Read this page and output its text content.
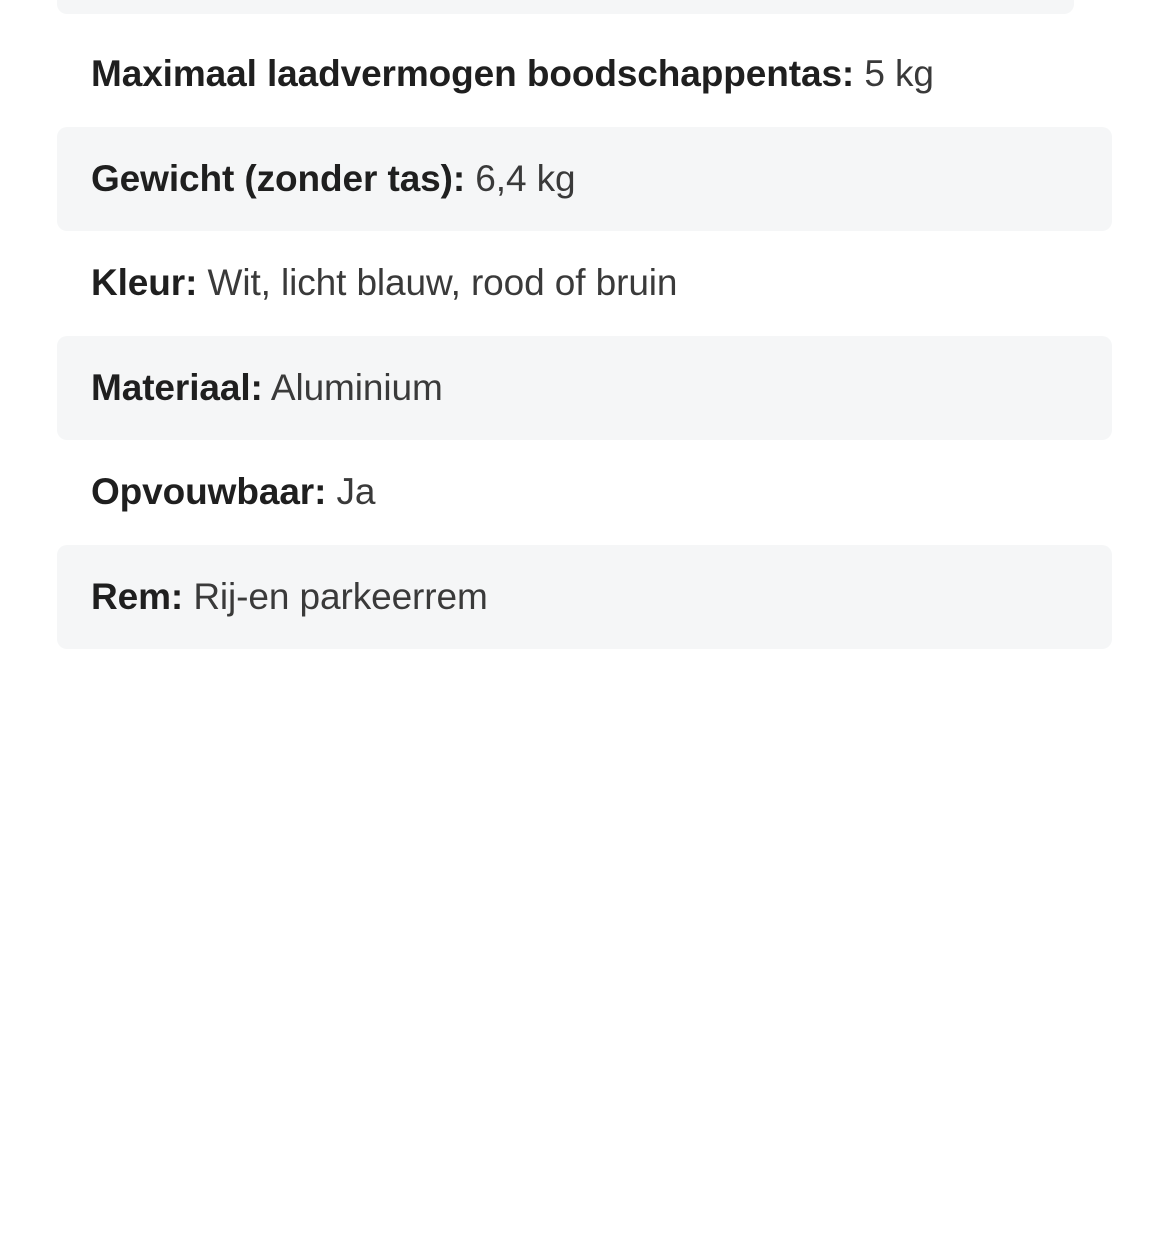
Maximaal laadvermogen boodschappentas: 5 kg
Gewicht (zonder tas): 6,4 kg
Kleur: Wit, licht blauw, rood of bruin
Materiaal: Aluminium
Opvouwbaar: Ja
Rem: Rij-en parkeerrem
